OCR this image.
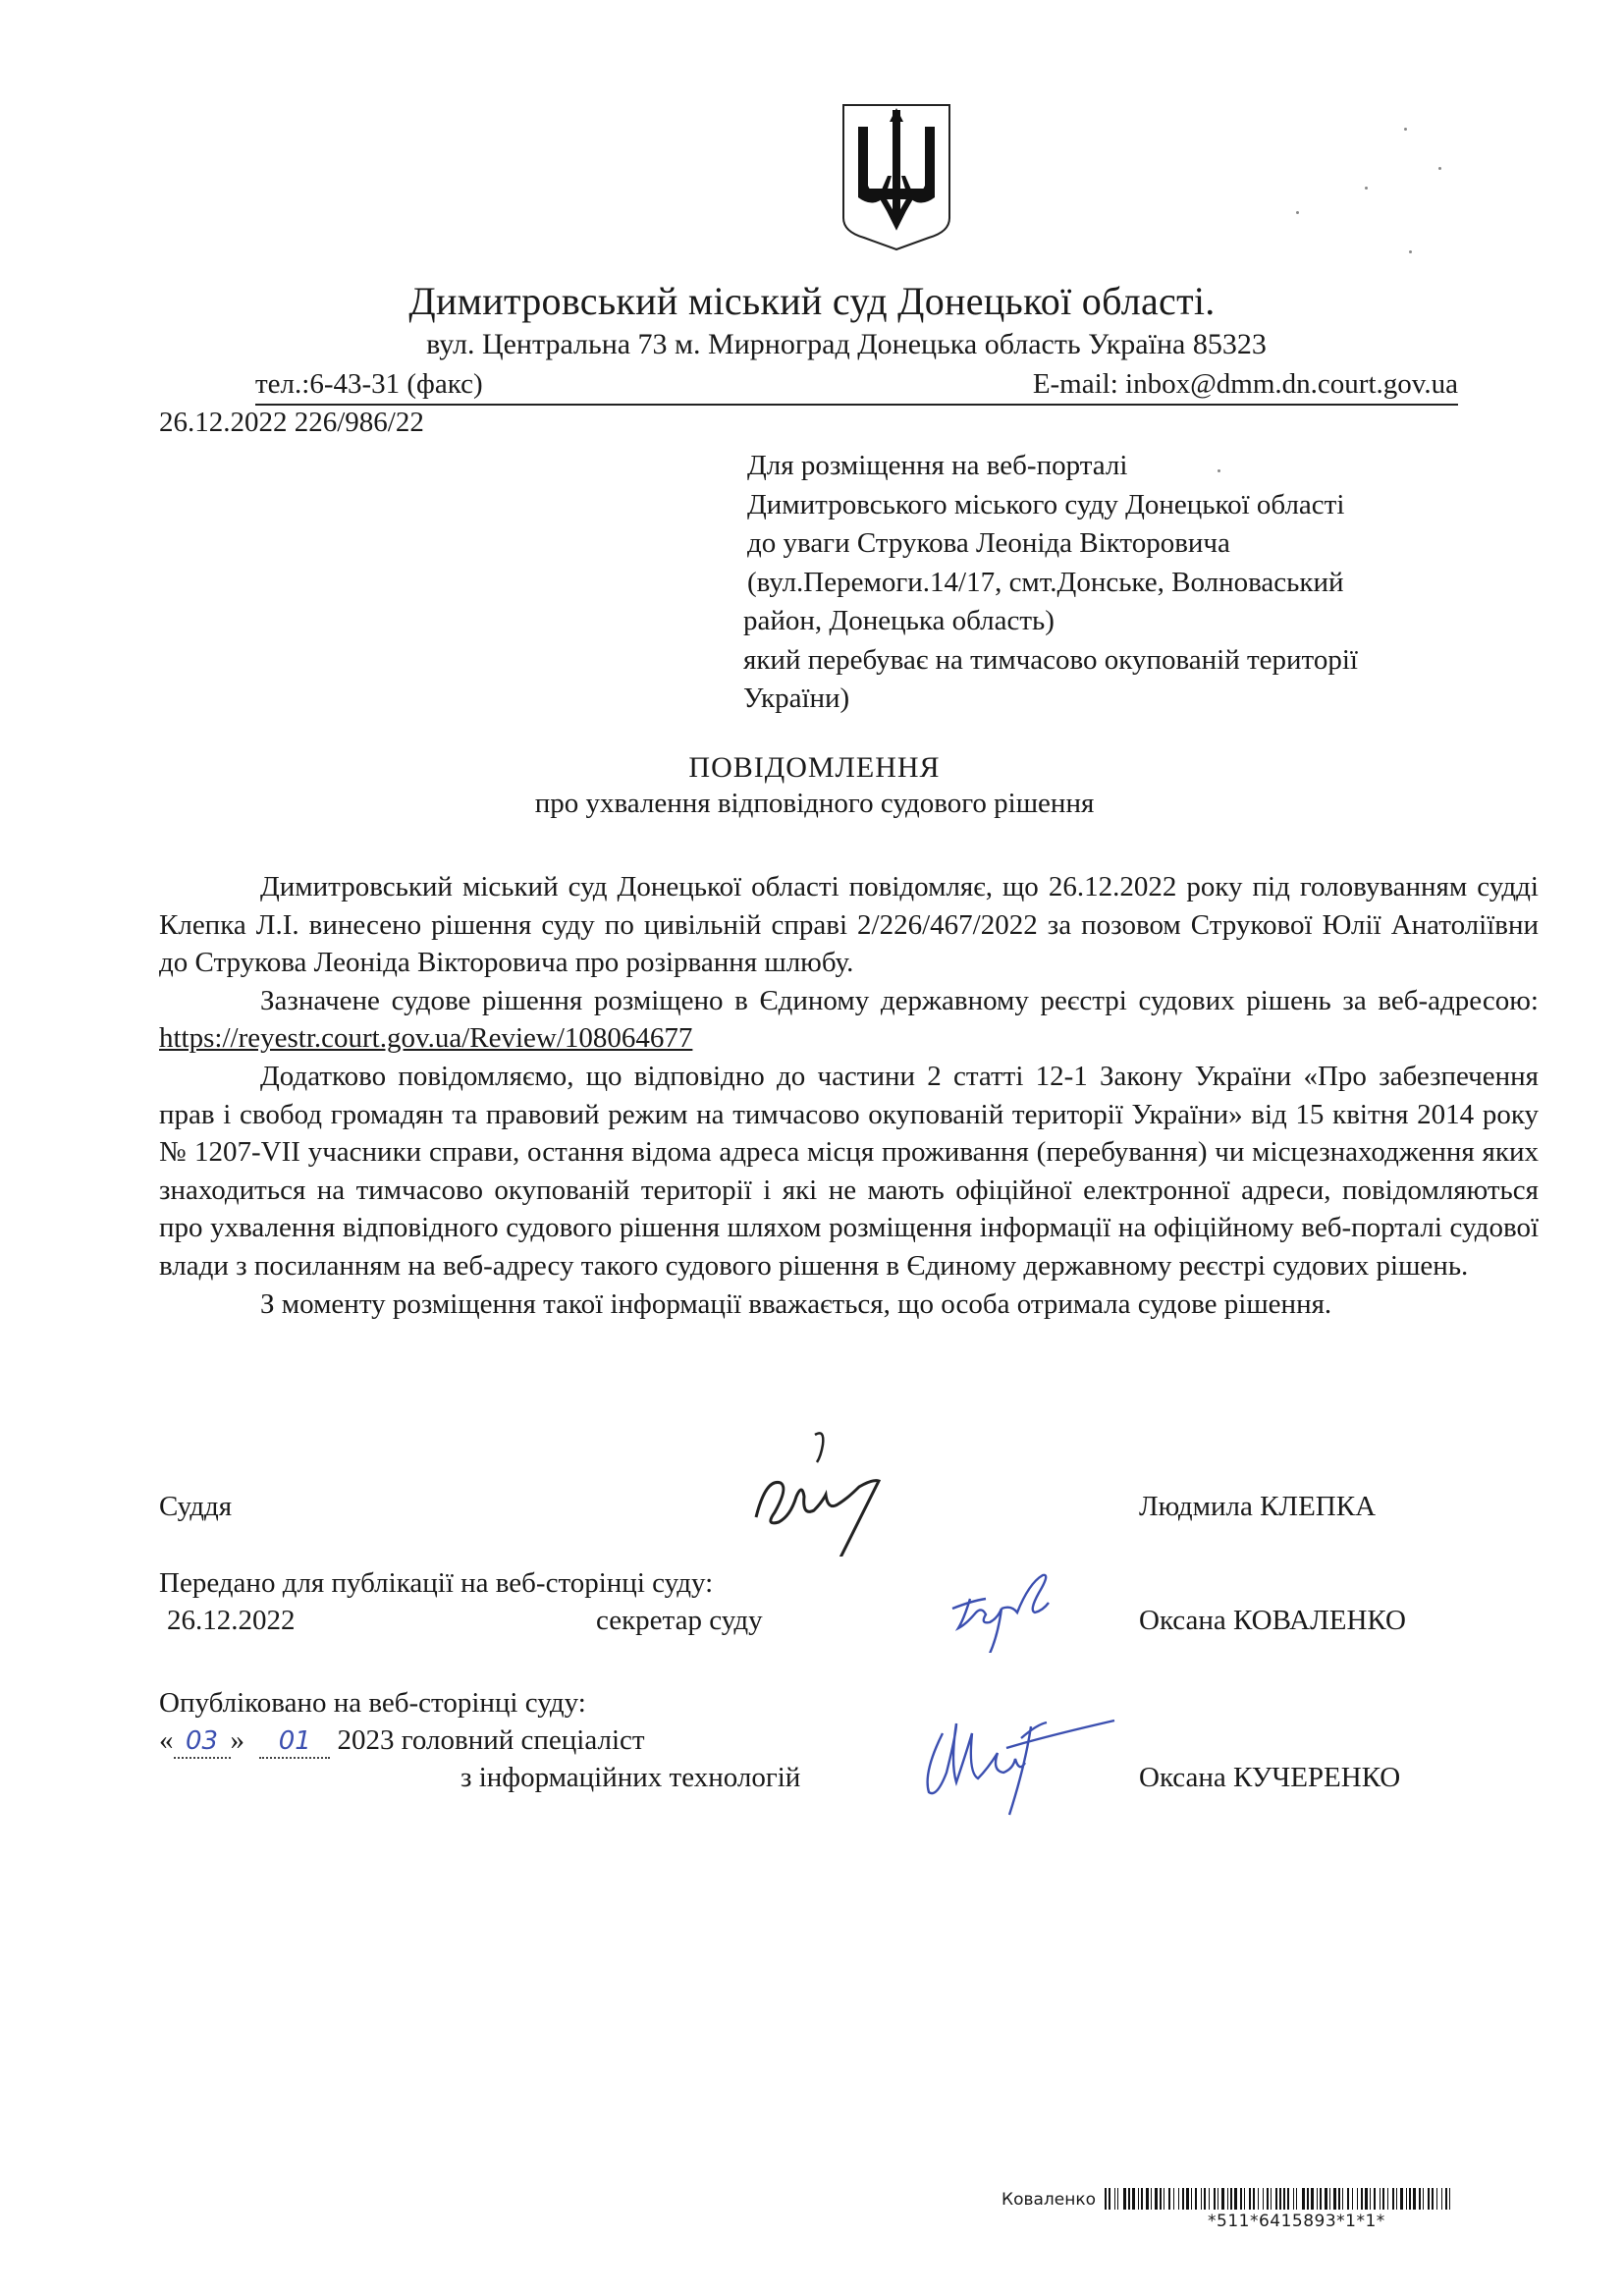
Димитровський міський суд Донецької області.
вул. Центральна 73 м. Мирноград Донецька область Україна 85323
тел.:6-43-31 (факс)	E-mail: inbox@dmm.dn.court.gov.ua
26.12.2022 226/986/22
Для розміщення на веб-порталі
Димитровського міського суду Донецької області
до уваги Струкова Леоніда Вікторовича
(вул.Перемоги.14/17, смт.Донське, Волноваський
район, Донецька область)
який перебуває на тимчасово окупованій території
України)
ПОВІДОМЛЕННЯ
про ухвалення відповідного судового рішення

Димитровський міський суд Донецької області повідомляє, що 26.12.2022 року під головуванням судді Клепка Л.І. винесено рішення суду по цивільній справі 2/226/467/2022 за позовом Струкової Юлії Анатоліївни до Струкова Леоніда Вікторовича про розірвання шлюбу.

Зазначене судове рішення розміщено в Єдиному державному реєстрі судових рішень за веб-адресою: https://reyestr.court.gov.ua/Review/108064677

Додатково повідомляємо, що відповідно до частини 2 статті 12-1 Закону України «Про забезпечення прав і свобод громадян та правовий режим на тимчасово окупованій території України» від 15 квітня 2014 року № 1207-VII учасники справи, остання відома адреса місця проживання (перебування) чи місцезнаходження яких знаходиться на тимчасово окупованій території і які не мають офіційної електронної адреси, повідомляються про ухвалення відповідного судового рішення шляхом розміщення інформації на офіційному веб-порталі судової влади з посиланням на веб-адресу такого судового рішення в Єдиному державному реєстрі судових рішень.

З моменту розміщення такої інформації вважається, що особа отримала судове рішення.

Суддя	Людмила КЛЕПКА
Передано для публікації на веб-сторінці суду:
26.12.2022	секретар суду	Оксана КОВАЛЕНКО
Опубліковано на веб-сторінці суду:
« 03 » 01 2023 головний спеціаліст
з інформаційних технологій	Оксана КУЧЕРЕНКО
Коваленко
*511*6415893*1*1*
